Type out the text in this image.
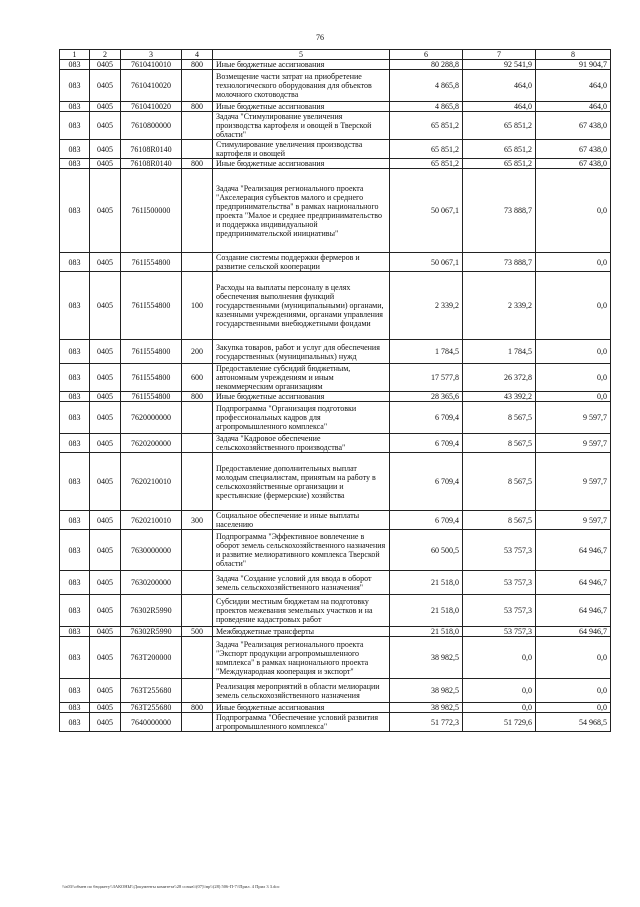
76
1	2	3	4	5	6	7	8
083	0405	7610410010	800	Иные бюджетные ассигнования	80 288,8	92 541,9	91 904,7
083	0405	7610410020		Возмещение части затрат на приобретение технологического оборудования для объектов молочного скотоводства	4 865,8	464,0	464,0
083	0405	7610410020	800	Иные бюджетные ассигнования	4 865,8	464,0	464,0
083	0405	7610800000		Задача "Стимулирование увеличения производства картофеля и овощей в Тверской области"	65 851,2	65 851,2	67 438,0
083	0405	76108R0140		Стимулирование увеличения производства картофеля и овощей	65 851,2	65 851,2	67 438,0
083	0405	76108R0140	800	Иные бюджетные ассигнования	65 851,2	65 851,2	67 438,0
083	0405	761I500000		Задача "Реализация регионального проекта "Акселерация субъектов малого и среднего предпринимательства" в рамках национального проекта "Малое и среднее предпринимательство и поддержка индивидуальной предпринимательской инициативы"	50 067,1	73 888,7	0,0
083	0405	761I554800		Создание системы поддержки фермеров и развитие сельской кооперации	50 067,1	73 888,7	0,0
083	0405	761I554800	100	Расходы на выплаты персоналу в целях обеспечения выполнения функций государственными (муниципальными) органами, казенными учреждениями, органами управления государственными внебюджетными фондами	2 339,2	2 339,2	0,0
083	0405	761I554800	200	Закупка товаров, работ и услуг для обеспечения государственных (муниципальных) нужд	1 784,5	1 784,5	0,0
083	0405	761I554800	600	Предоставление субсидий бюджетным, автономным учреждениям и иным некоммерческим организациям	17 577,8	26 372,8	0,0
083	0405	761I554800	800	Иные бюджетные ассигнования	28 365,6	43 392,2	0,0
083	0405	7620000000		Подпрограмма "Организация подготовки профессиональных кадров для агропромышленного комплекса"	6 709,4	8 567,5	9 597,7
083	0405	7620200000		Задача "Кадровое обеспечение сельскохозяйственного производства"	6 709,4	8 567,5	9 597,7
083	0405	7620210010		Предоставление дополнительных выплат молодым специалистам, принятым на работу в сельскохозяйственные организации и крестьянские (фермерские) хозяйства	6 709,4	8 567,5	9 597,7
083	0405	7620210010	300	Социальное обеспечение и иные выплаты населению	6 709,4	8 567,5	9 597,7
083	0405	7630000000		Подпрограмма "Эффективное вовлечение в оборот земель сельскохозяйственного назначения и развитие мелиоративного комплекса Тверской области"	60 500,5	53 757,3	64 946,7
083	0405	7630200000		Задача "Создание условий для ввода в оборот земель сельскохозяйственного назначения"	21 518,0	53 757,3	64 946,7
083	0405	76302R5990		Субсидии местным бюджетам на подготовку проектов межевания земельных участков и на проведение кадастровых работ	21 518,0	53 757,3	64 946,7
083	0405	76302R5990	500	Межбюджетные трансферты	21 518,0	53 757,3	64 946,7
083	0405	763T200000		Задача "Реализация регионального проекта "Экспорт продукции агропромышленного комплекса" в рамках национального проекта "Международная кооперация и экспорт"	38 982,5	0,0	0,0
083	0405	763T255680		Реализация мероприятий в области мелиорации земель сельскохозяйственного назначения	38 982,5	0,0	0,0
083	0405	763T255680	800	Иные бюджетные ассигнования	38 982,5	0,0	0,0
083	0405	7640000000		Подпрограмма "Обеспечение условий развития агропромышленного комплекса"	51 772,3	51 729,6	54 968,5
\\ts03\\обмен по бюджету\\ЗАКОНЫ\\Документы комитета\\28 созыв\\(07)\\вр\\(28) 506-П-7\\Прил. 4 Прил 3 3.doc
